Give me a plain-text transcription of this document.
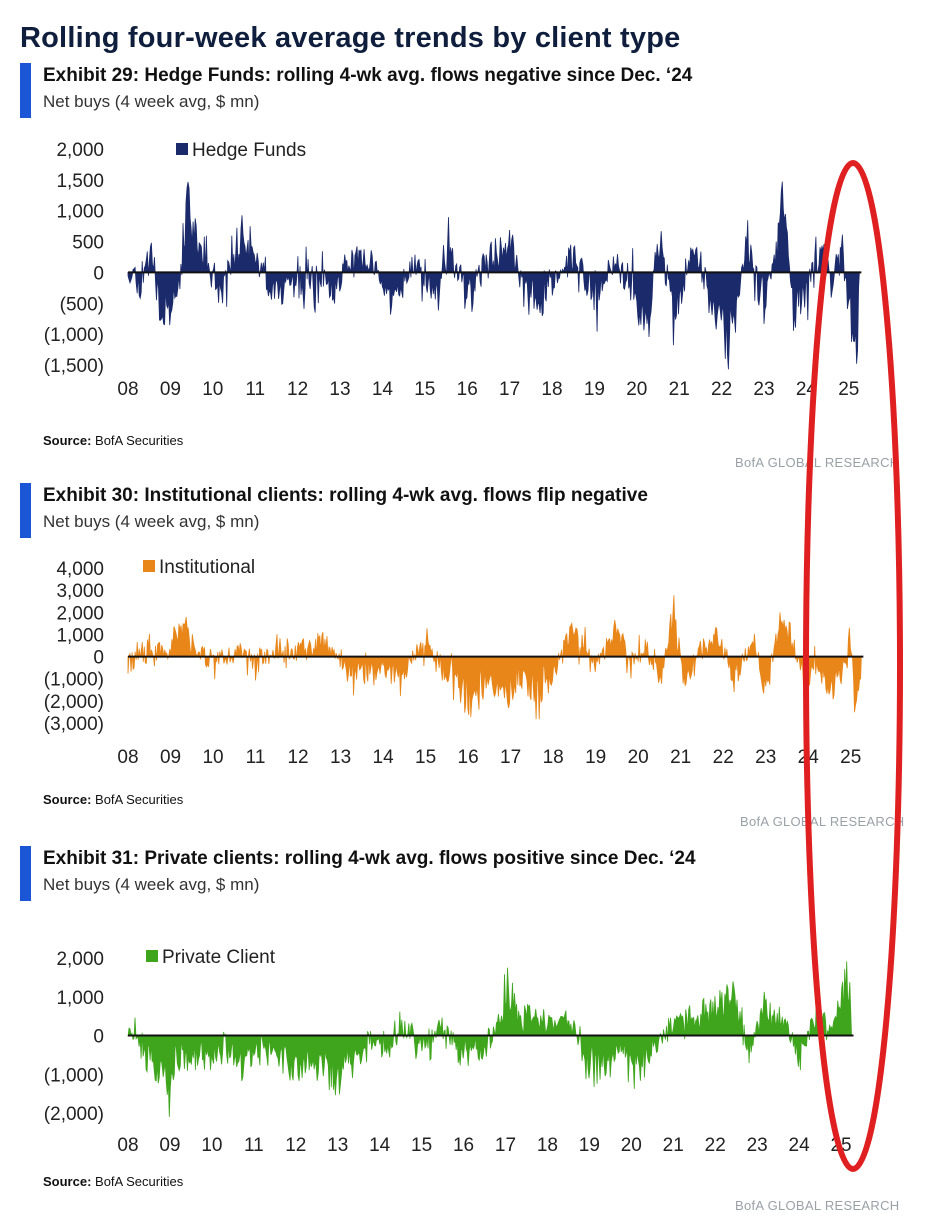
Rolling four-week average trends by client type
Exhibit 29: Hedge Funds: rolling 4-wk avg. flows negative since Dec. ‘24
Net buys (4 week avg, $ mn)
2,000
1,500
1,000
500
0
(500)
(1,000)
(1,500)
08 09 10 11 12 13 14 15 16 17 18 19 20 21 22 23 24 25
Hedge Funds
Source: BofA Securities
BofA GLOBAL RESEARCH
Exhibit 30: Institutional clients: rolling 4-wk avg. flows flip negative
Net buys (4 week avg, $ mn)
4,000
3,000
2,000
1,000
0
(1,000)
(2,000)
(3,000)
08 09 10 11 12 13 14 15 16 17 18 19 20 21 22 23 24 25
Institutional
Source: BofA Securities
BofA GLOBAL RESEARCH
Exhibit 31: Private clients: rolling 4-wk avg. flows positive since Dec. ‘24
Net buys (4 week avg, $ mn)
2,000
1,000
0
(1,000)
(2,000)
08 09 10 11 12 13 14 15 16 17 18 19 20 21 22 23 24 25
Private Client
Source: BofA Securities
BofA GLOBAL RESEARCH
